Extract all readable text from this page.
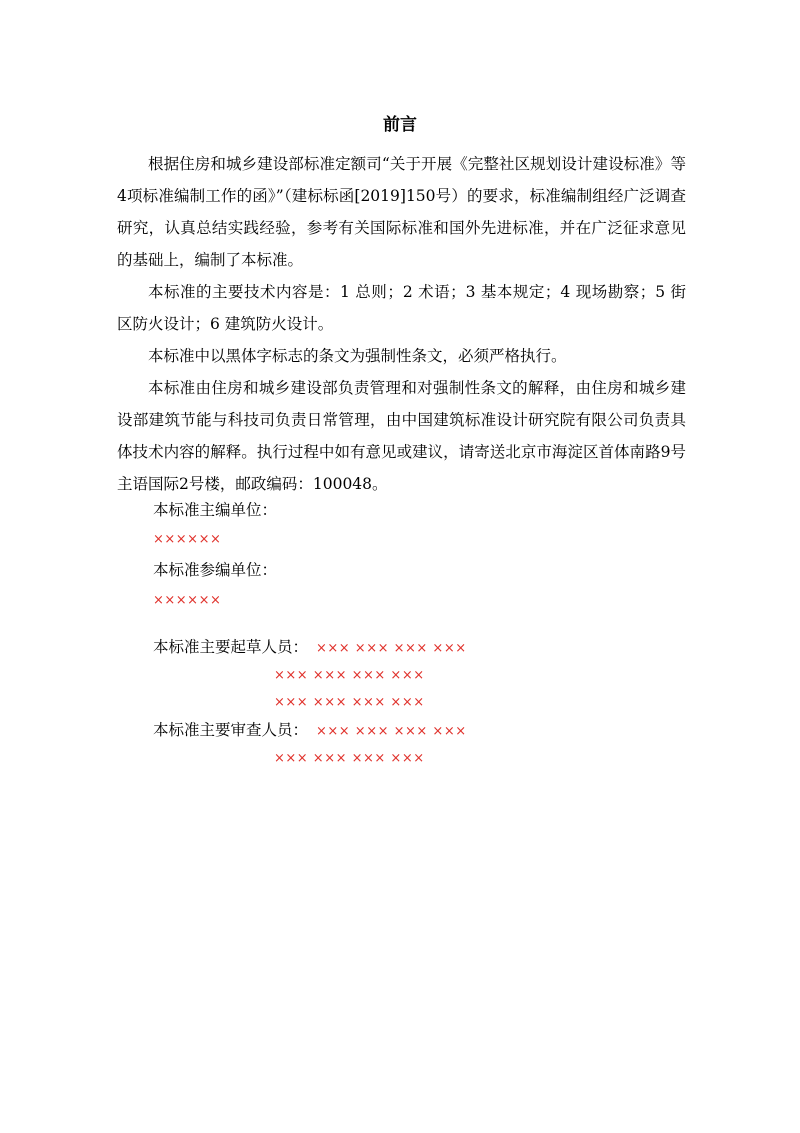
前言

根据住房和城乡建设部标准定额司“关于开展《完整社区规划设计建设标准》等4项标准编制工作的函》”（建标标函[2019]150号）的要求，标准编制组经广泛调查研究，认真总结实践经验，参考有关国际标准和国外先进标准，并在广泛征求意见的基础上，编制了本标准。

本标准的主要技术内容是：1 总则；2 术语；3 基本规定；4 现场勘察；5 街区防火设计；6 建筑防火设计。

本标准中以黑体字标志的条文为强制性条文，必须严格执行。

本标准由住房和城乡建设部负责管理和对强制性条文的解释，由住房和城乡建设部建筑节能与科技司负责日常管理，由中国建筑标准设计研究院有限公司负责具体技术内容的解释。执行过程中如有意见或建议，请寄送北京市海淀区首体南路9号主语国际2号楼，邮政编码：100048。

本标准主编单位：
××××××
本标准参编单位：
××××××
本标准主要起草人员： ××× ××× ××× ×××
××× ××× ××× ×××
××× ××× ××× ×××
本标准主要审查人员： ××× ××× ××× ×××
××× ××× ××× ×××
